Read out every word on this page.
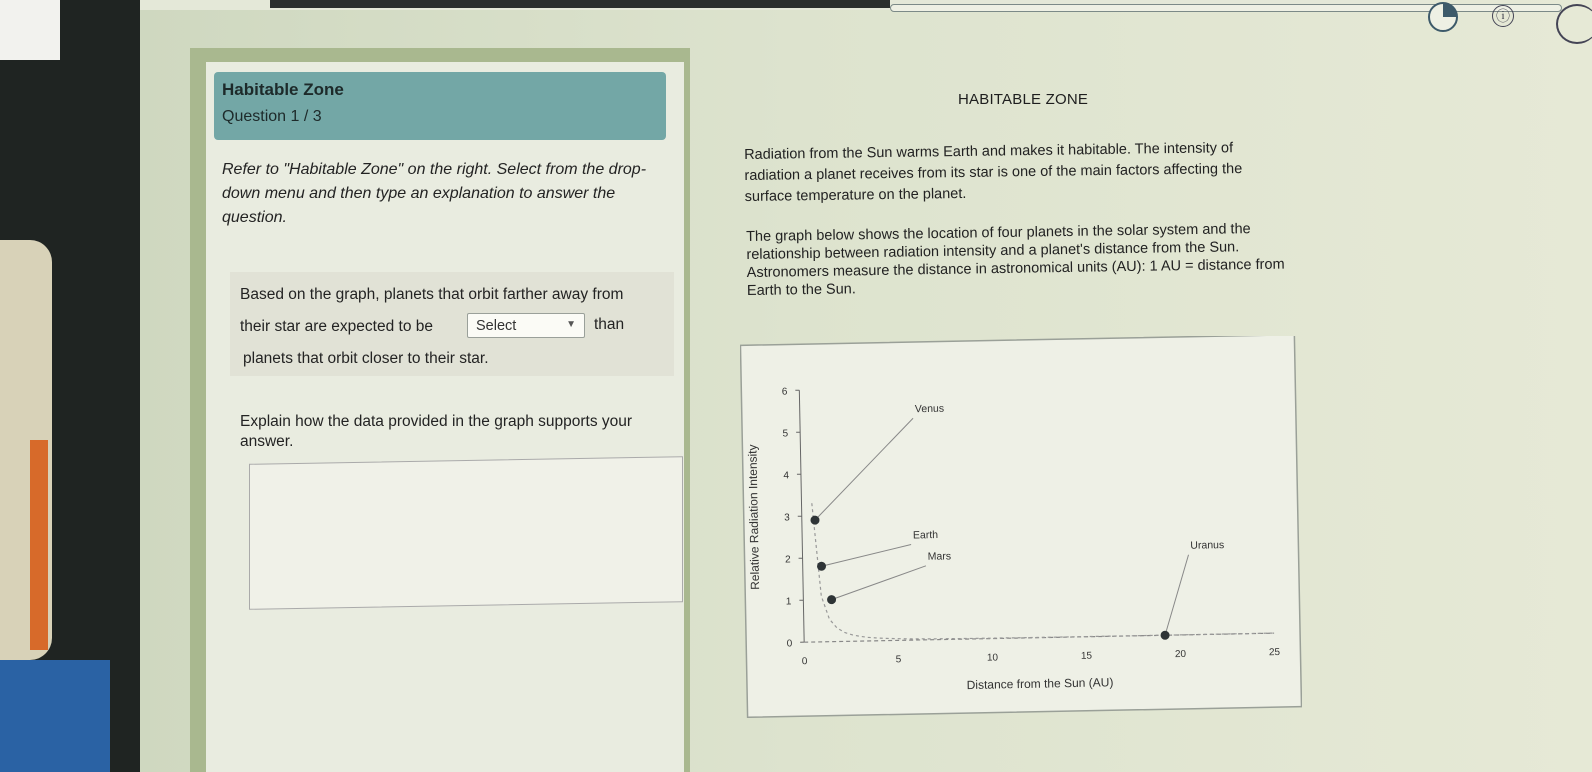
ⓘ
Habitable Zone
Question 1 / 3
Refer to "Habitable Zone" on the right. Select from the drop-down menu and then type an explanation to answer the question.
Based on the graph, planets that orbit farther away from
their star are expected to be	Select	▼ than
planets that orbit closer to their star.
Explain how the data provided in the graph supports your answer.
HABITABLE ZONE
Radiation from the Sun warms Earth and makes it habitable. The intensity of radiation a planet receives from its star is one of the main factors affecting the surface temperature on the planet.
The graph below shows the location of four planets in the solar system and the relationship between radiation intensity and a planet's distance from the Sun. Astronomers measure the distance in astronomical units (AU): 1 AU = distance from Earth to the Sun.
0
1
2
3
4
5
6
0	5	10	15	20	25
Distance from the Sun (AU)
Relative Radiation Intensity
Venus
Earth
Mars
Uranus
